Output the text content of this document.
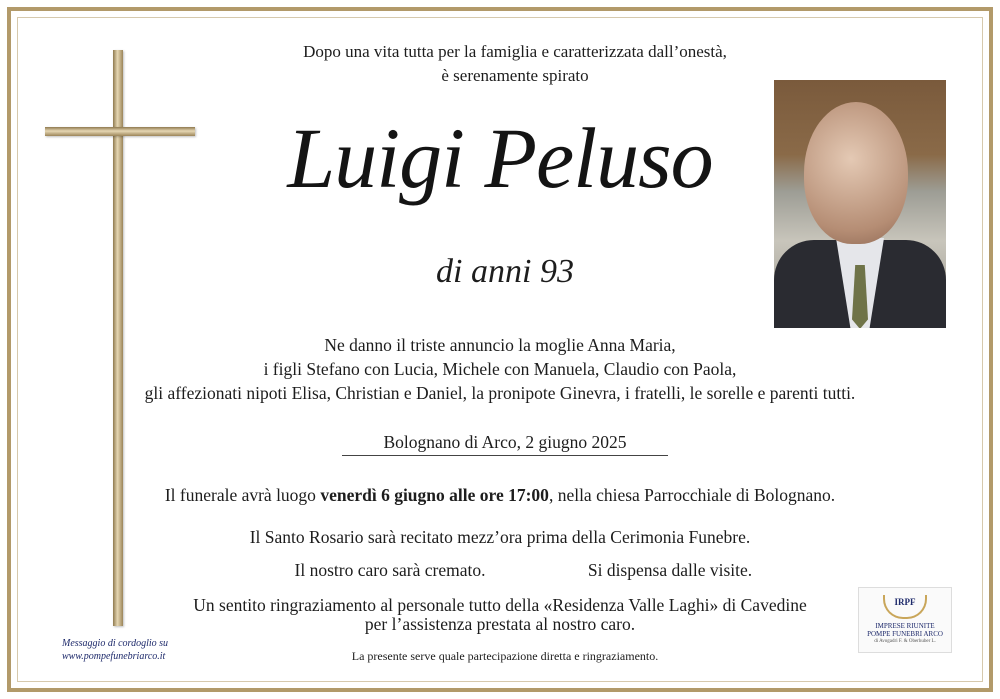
Dopo una vita tutta per la famiglia e caratterizzata dall’onestà,
è serenamente spirato
Luigi Peluso
di anni 93
Ne danno il triste annuncio la moglie Anna Maria,
i figli Stefano con Lucia, Michele con Manuela, Claudio con Paola,
gli affezionati nipoti Elisa, Christian e Daniel, la pronipote Ginevra, i fratelli, le sorelle e parenti tutti.
Bolognano di Arco, 2 giugno 2025
Il funerale avrà luogo venerdì 6 giugno alle ore 17:00, nella chiesa Parrocchiale di Bolognano.
Il Santo Rosario sarà recitato mezz’ora prima della Cerimonia Funebre.
Il nostro caro sarà cremato.	Si dispensa dalle visite.
Un sentito ringraziamento al personale tutto della «Residenza Valle Laghi» di Cavedine
per l’assistenza prestata al nostro caro.
La presente serve quale partecipazione diretta e ringraziamento.
Messaggio di cordoglio su
www.pompefunebriarco.it
IRPF
IMPRESE RIUNITE
POMPE FUNEBRI ARCO
di Avogadri F. & Oberhuber L.
